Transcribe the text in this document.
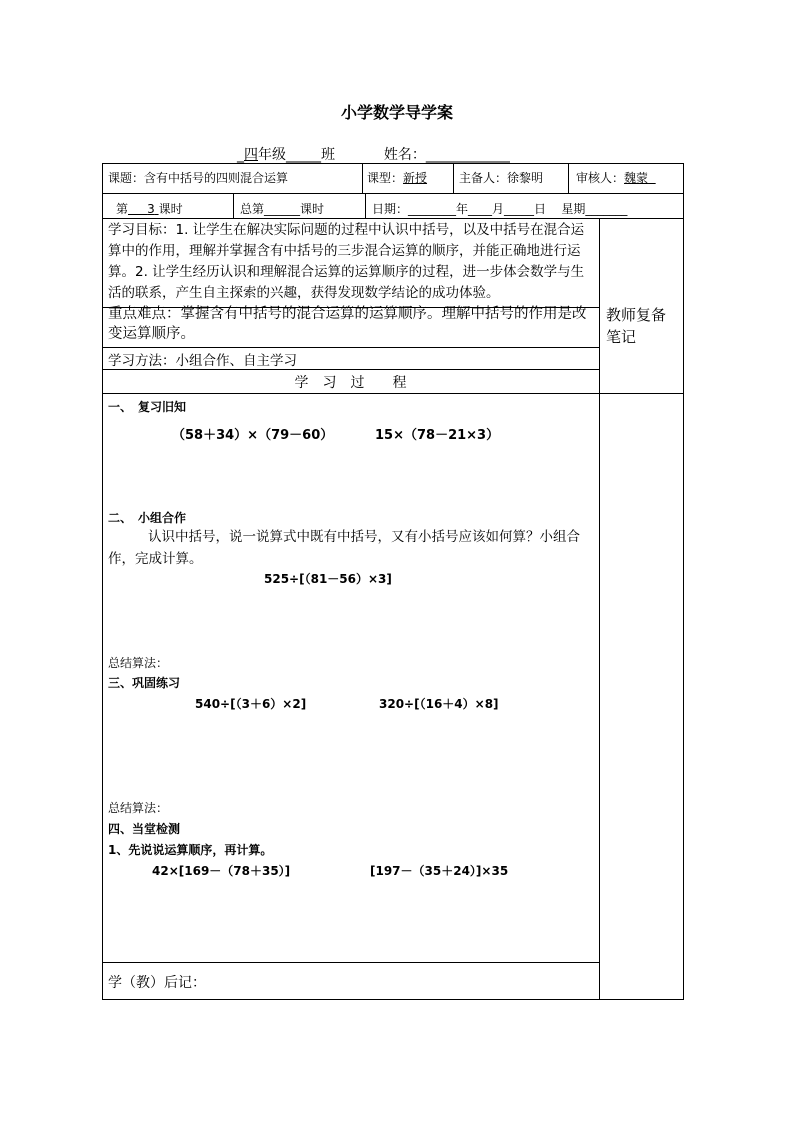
小学数学导学案
_四年级_____班	姓名：____________
课题：含有中括号的四则混合运算	课型：新授	主备人：徐黎明	审核人：魏蒙
第 3 课时	总第______课时	日期：________年____月_____日 星期_______
学习目标：1. 让学生在解决实际问题的过程中认识中括号，以及中括号在混合运算中的作用，理解并掌握含有中括号的三步混合运算的顺序，并能正确地进行运算。2. 让学生经历认识和理解混合运算的运算顺序的过程，进一步体会数学与生活的联系，产生自主探索的兴趣，获得发现数学结论的成功体验。
重点难点：掌握含有中括号的混合运算的运算顺序。理解中括号的作用是改变运算顺序。
学习方法：小组合作、自主学习
学　习　过　　程
教师复备笔记
一、　复习旧知
（58＋34）×（79－60）	15×（78－21×3）
二、　小组合作
认识中括号，说一说算式中既有中括号，又有小括号应该如何算？小组合作，完成计算。
525÷[（81－56）×3]
总结算法：
三、巩固练习
540÷[（3＋6）×2]	320÷[（16＋4）×8]
总结算法：
四、当堂检测
1、先说说运算顺序，再计算。
42×[169－（78＋35）]	[197－（35＋24）]×35
学（教）后记：
